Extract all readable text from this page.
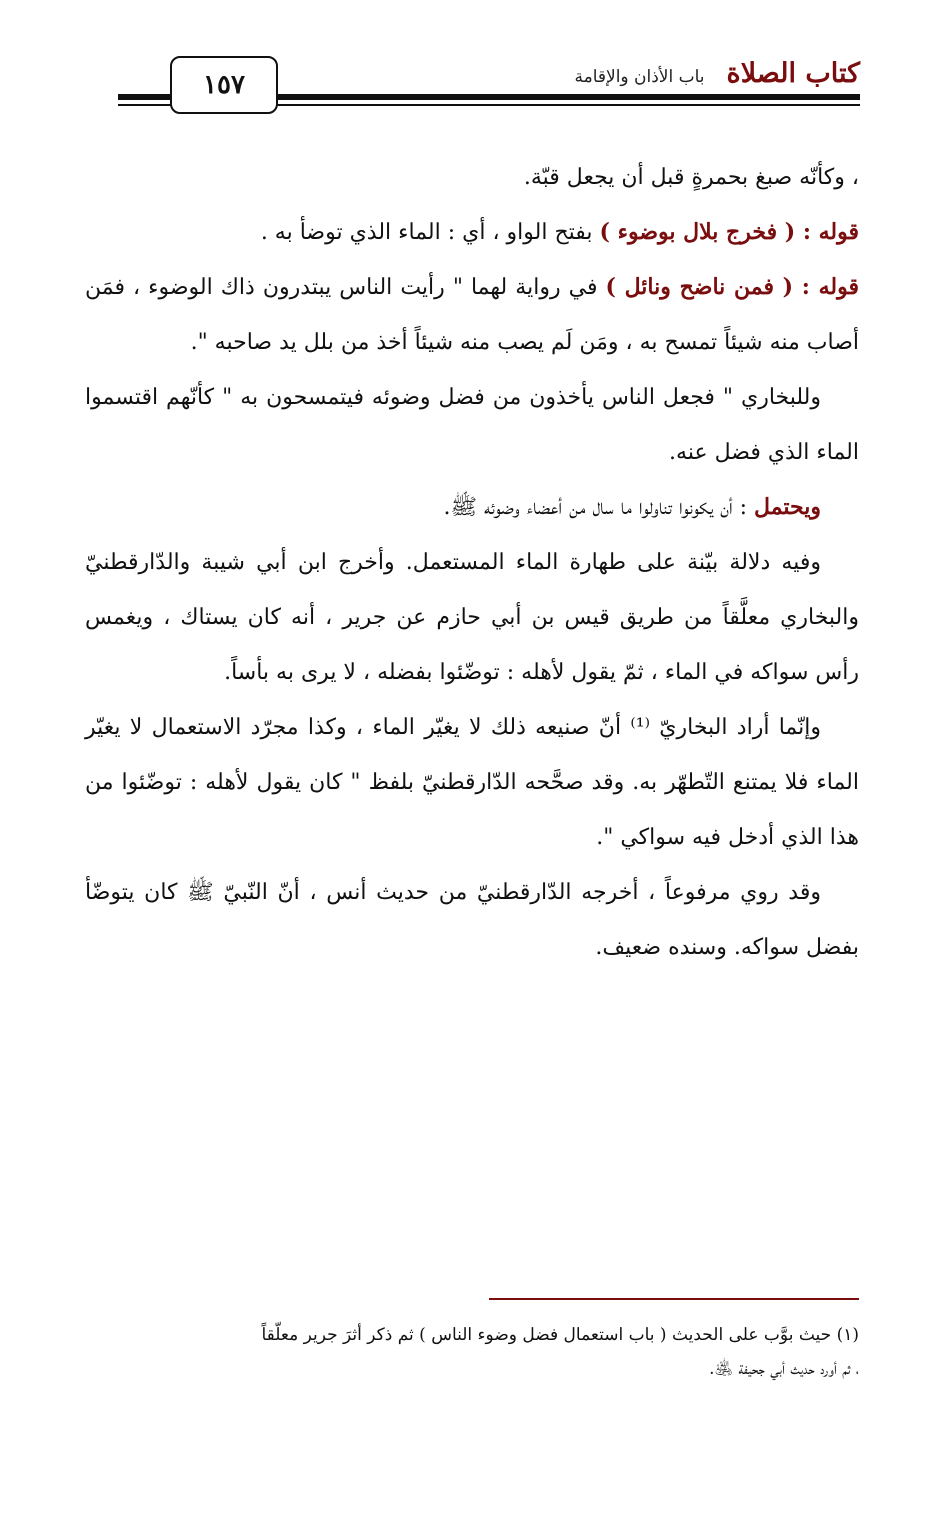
١٥٧	كتاب الصلاة
باب الأذان والإقامة

، وكأنّه صبغ بحمرةٍ قبل أن يجعل قبّة.

قوله : ( فخرج بلال بوضوء ) بفتح الواو ، أي : الماء الذي توضأ به .

قوله : ( فمن ناضح ونائل ) في رواية لهما " رأيت الناس يبتدرون ذاك الوضوء ، فمَن أصاب منه شيئاً تمسح به ، ومَن لَم يصب منه شيئاً أخذ من بلل يد صاحبه ".

وللبخاري " فجعل الناس يأخذون من فضل وضوئه فيتمسحون به " كأنّهم اقتسموا الماء الذي فضل عنه.

ويحتمل : أن يكونوا تناولوا ما سال من أعضاء وضوئه ﷺ.

وفيه دلالة بيّنة على طهارة الماء المستعمل. وأخرج ابن أبي شيبة والدّارقطنيّ والبخاري معلَّقاً من طريق قيس بن أبي حازم عن جرير ، أنه كان يستاك ، ويغمس رأس سواكه في الماء ، ثمّ يقول لأهله : توضّئوا بفضله ، لا يرى به بأساً.

وإنّما أراد البخاريّ ⁽¹⁾ أنّ صنيعه ذلك لا يغيّر الماء ، وكذا مجرّد الاستعمال لا يغيّر الماء فلا يمتنع التّطهّر به. وقد صحَّحه الدّارقطنيّ بلفظ " كان يقول لأهله : توضّئوا من هذا الذي أدخل فيه سواكي ".

وقد روي مرفوعاً ، أخرجه الدّارقطنيّ من حديث أنس ، أنّ النّبيّ ﷺ كان يتوضّأ بفضل سواكه. وسنده ضعيف.

(١) حيث بوَّب على الحديث ( باب استعمال فضل وضوء الناس ) ثم ذكر أثرَ جرير معلّقاً

، ثم أورد حديث أبي جحيفة ﵁.
